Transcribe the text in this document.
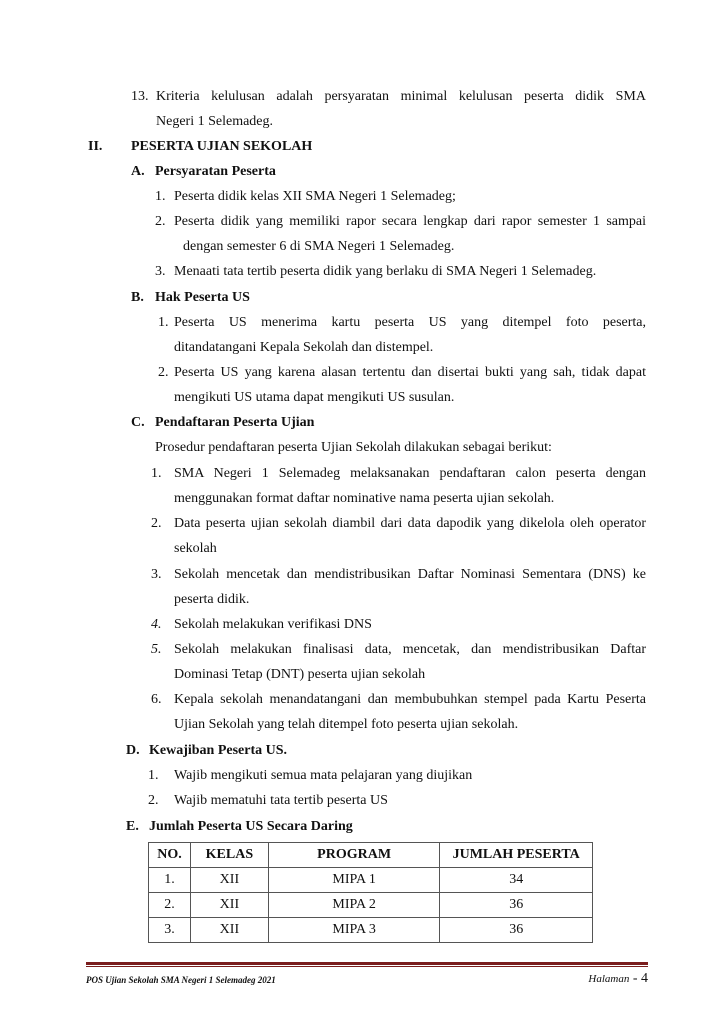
13. Kriteria kelulusan adalah persyaratan minimal kelulusan peserta didik SMA
Negeri 1 Selemadeg.
II. PESERTA UJIAN SEKOLAH
A. Persyaratan Peserta
1. Peserta didik kelas XII SMA Negeri 1 Selemadeg;
2. Peserta didik yang memiliki rapor secara lengkap dari rapor semester 1 sampai
dengan semester 6 di SMA Negeri 1 Selemadeg.
3. Menaati tata tertib peserta didik yang berlaku di SMA Negeri 1 Selemadeg.
B. Hak Peserta US
1. Peserta US menerima kartu peserta US yang ditempel foto peserta,
ditandatangani Kepala Sekolah dan distempel.
2. Peserta US yang karena alasan tertentu dan disertai bukti yang sah, tidak dapat
mengikuti US utama dapat mengikuti US susulan.
C. Pendaftaran Peserta Ujian
Prosedur pendaftaran peserta Ujian Sekolah dilakukan sebagai berikut:
1. SMA Negeri 1 Selemadeg melaksanakan pendaftaran calon peserta dengan
menggunakan format daftar nominative nama peserta ujian sekolah.
2. Data peserta ujian sekolah diambil dari data dapodik yang dikelola oleh operator
sekolah
3. Sekolah mencetak dan mendistribusikan Daftar Nominasi Sementara (DNS) ke
peserta didik.
4. Sekolah melakukan verifikasi DNS
5. Sekolah melakukan finalisasi data, mencetak, dan mendistribusikan Daftar
Dominasi Tetap (DNT) peserta ujian sekolah
6. Kepala sekolah menandatangani dan membubuhkan stempel pada Kartu Peserta
Ujian Sekolah yang telah ditempel foto peserta ujian sekolah.
D. Kewajiban Peserta US.
1. Wajib mengikuti semua mata pelajaran yang diujikan
2. Wajib mematuhi tata tertib peserta US
E. Jumlah Peserta US Secara Daring
NO.	KELAS	PROGRAM	JUMLAH PESERTA
1.	XII	MIPA 1	34
2.	XII	MIPA 2	36
3.	XII	MIPA 3	36
POS Ujian Sekolah SMA Negeri 1 Selemadeg 2021	Halaman - 4
